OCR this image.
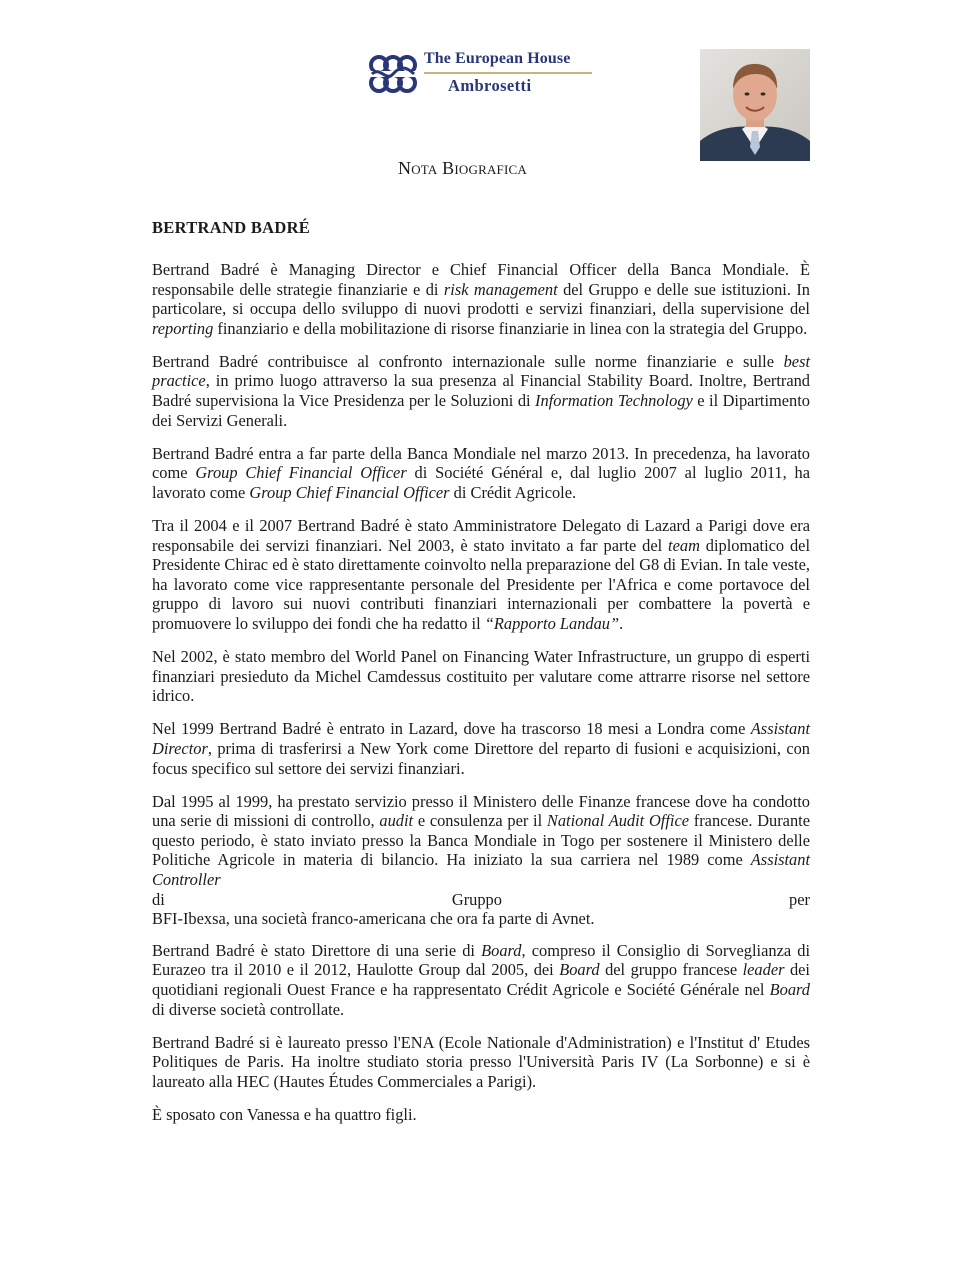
The European House
Ambrosetti
Nota Biografica
BERTRAND BADRÉ

Bertrand Badré è Managing Director e Chief Financial Officer della Banca Mondiale. È responsabile delle strategie finanziarie e di risk management del Gruppo e delle sue istituzioni. In particolare, si occupa dello sviluppo di nuovi prodotti e servizi finanziari, della supervisione del reporting finanziario e della mobilitazione di risorse finanziarie in linea con la strategia del Gruppo.

Bertrand Badré contribuisce al confronto internazionale sulle norme finanziarie e sulle best practice, in primo luogo attraverso la sua presenza al Financial Stability Board. Inoltre, Bertrand Badré supervisiona la Vice Presidenza per le Soluzioni di Information Technology e il Dipartimento dei Servizi Generali.

Bertrand Badré entra a far parte della Banca Mondiale nel marzo 2013. In precedenza, ha lavorato come Group Chief Financial Officer di Société Général e, dal luglio 2007 al luglio 2011, ha lavorato come Group Chief Financial Officer di Crédit Agricole.

Tra il 2004 e il 2007 Bertrand Badré è stato Amministratore Delegato di Lazard a Parigi dove era responsabile dei servizi finanziari. Nel 2003, è stato invitato a far parte del team diplomatico del Presidente Chirac ed è stato direttamente coinvolto nella preparazione del G8 di Evian. In tale veste, ha lavorato come vice rappresentante personale del Presidente per l'Africa e come portavoce del gruppo di lavoro sui nuovi contributi finanziari internazionali per combattere la povertà e promuovere lo sviluppo dei fondi che ha redatto il “Rapporto Landau”.

Nel 2002, è stato membro del World Panel on Financing Water Infrastructure, un gruppo di esperti finanziari presieduto da Michel Camdessus costituito per valutare come attrarre risorse nel settore idrico.

Nel 1999 Bertrand Badré è entrato in Lazard, dove ha trascorso 18 mesi a Londra come Assistant Director, prima di trasferirsi a New York come Direttore del reparto di fusioni e acquisizioni, con focus specifico sul settore dei servizi finanziari.

Dal 1995 al 1999, ha prestato servizio presso il Ministero delle Finanze francese dove ha condotto una serie di missioni di controllo, audit e consulenza per il National Audit Office francese. Durante questo periodo, è stato inviato presso la Banca Mondiale in Togo per sostenere il Ministero delle Politiche Agricole in materia di bilancio. Ha iniziato la sua carriera nel 1989 come Assistant Controller
di	Gruppo	per
BFI-Ibexsa, una società franco-americana che ora fa parte di Avnet.

Bertrand Badré è stato Direttore di una serie di Board, compreso il Consiglio di Sorveglianza di Eurazeo tra il 2010 e il 2012, Haulotte Group dal 2005, dei Board del gruppo francese leader dei quotidiani regionali Ouest France e ha rappresentato Crédit Agricole e Société Générale nel Board di diverse società controllate.

Bertrand Badré si è laureato presso l'ENA (Ecole Nationale d'Administration) e l'Institut d' Etudes Politiques de Paris. Ha inoltre studiato storia presso l'Università Paris IV (La Sorbonne) e si è laureato alla HEC (Hautes Études Commerciales a Parigi).

È sposato con Vanessa e ha quattro figli.
